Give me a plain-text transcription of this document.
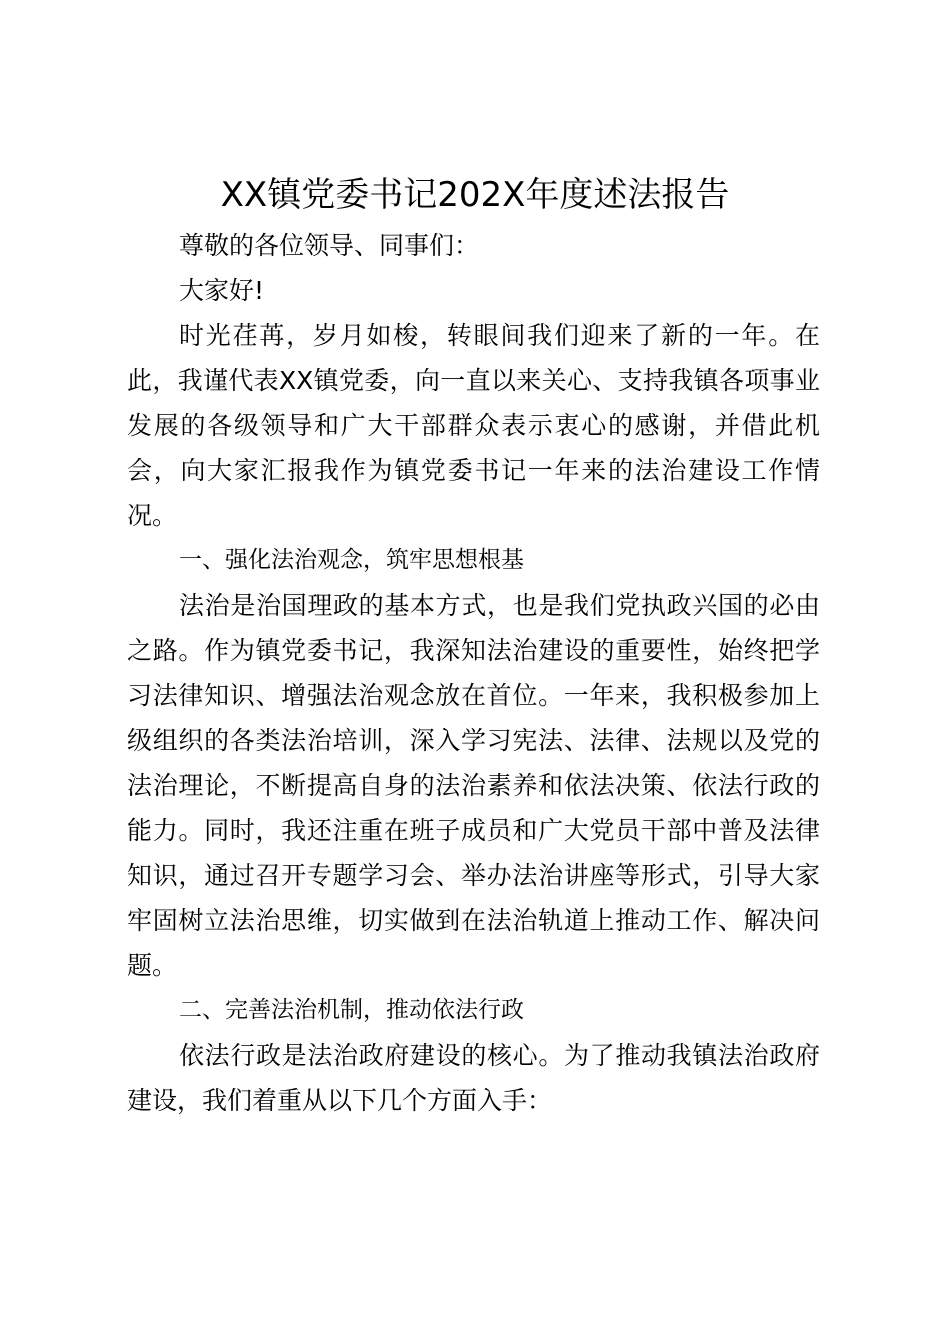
XX镇党委书记202X年度述法报告

尊敬的各位领导、同事们：

大家好!

时光荏苒，岁月如梭，转眼间我们迎来了新的一年。在此，我谨代表XX镇党委，向一直以来关心、支持我镇各项事业发展的各级领导和广大干部群众表示衷心的感谢，并借此机会，向大家汇报我作为镇党委书记一年来的法治建设工作情况。

一、强化法治观念，筑牢思想根基

法治是治国理政的基本方式，也是我们党执政兴国的必由之路。作为镇党委书记，我深知法治建设的重要性，始终把学习法律知识、增强法治观念放在首位。一年来，我积极参加上级组织的各类法治培训，深入学习宪法、法律、法规以及党的法治理论，不断提高自身的法治素养和依法决策、依法行政的能力。同时，我还注重在班子成员和广大党员干部中普及法律知识，通过召开专题学习会、举办法治讲座等形式，引导大家牢固树立法治思维，切实做到在法治轨道上推动工作、解决问题。

二、完善法治机制，推动依法行政

依法行政是法治政府建设的核心。为了推动我镇法治政府建设，我们着重从以下几个方面入手：
